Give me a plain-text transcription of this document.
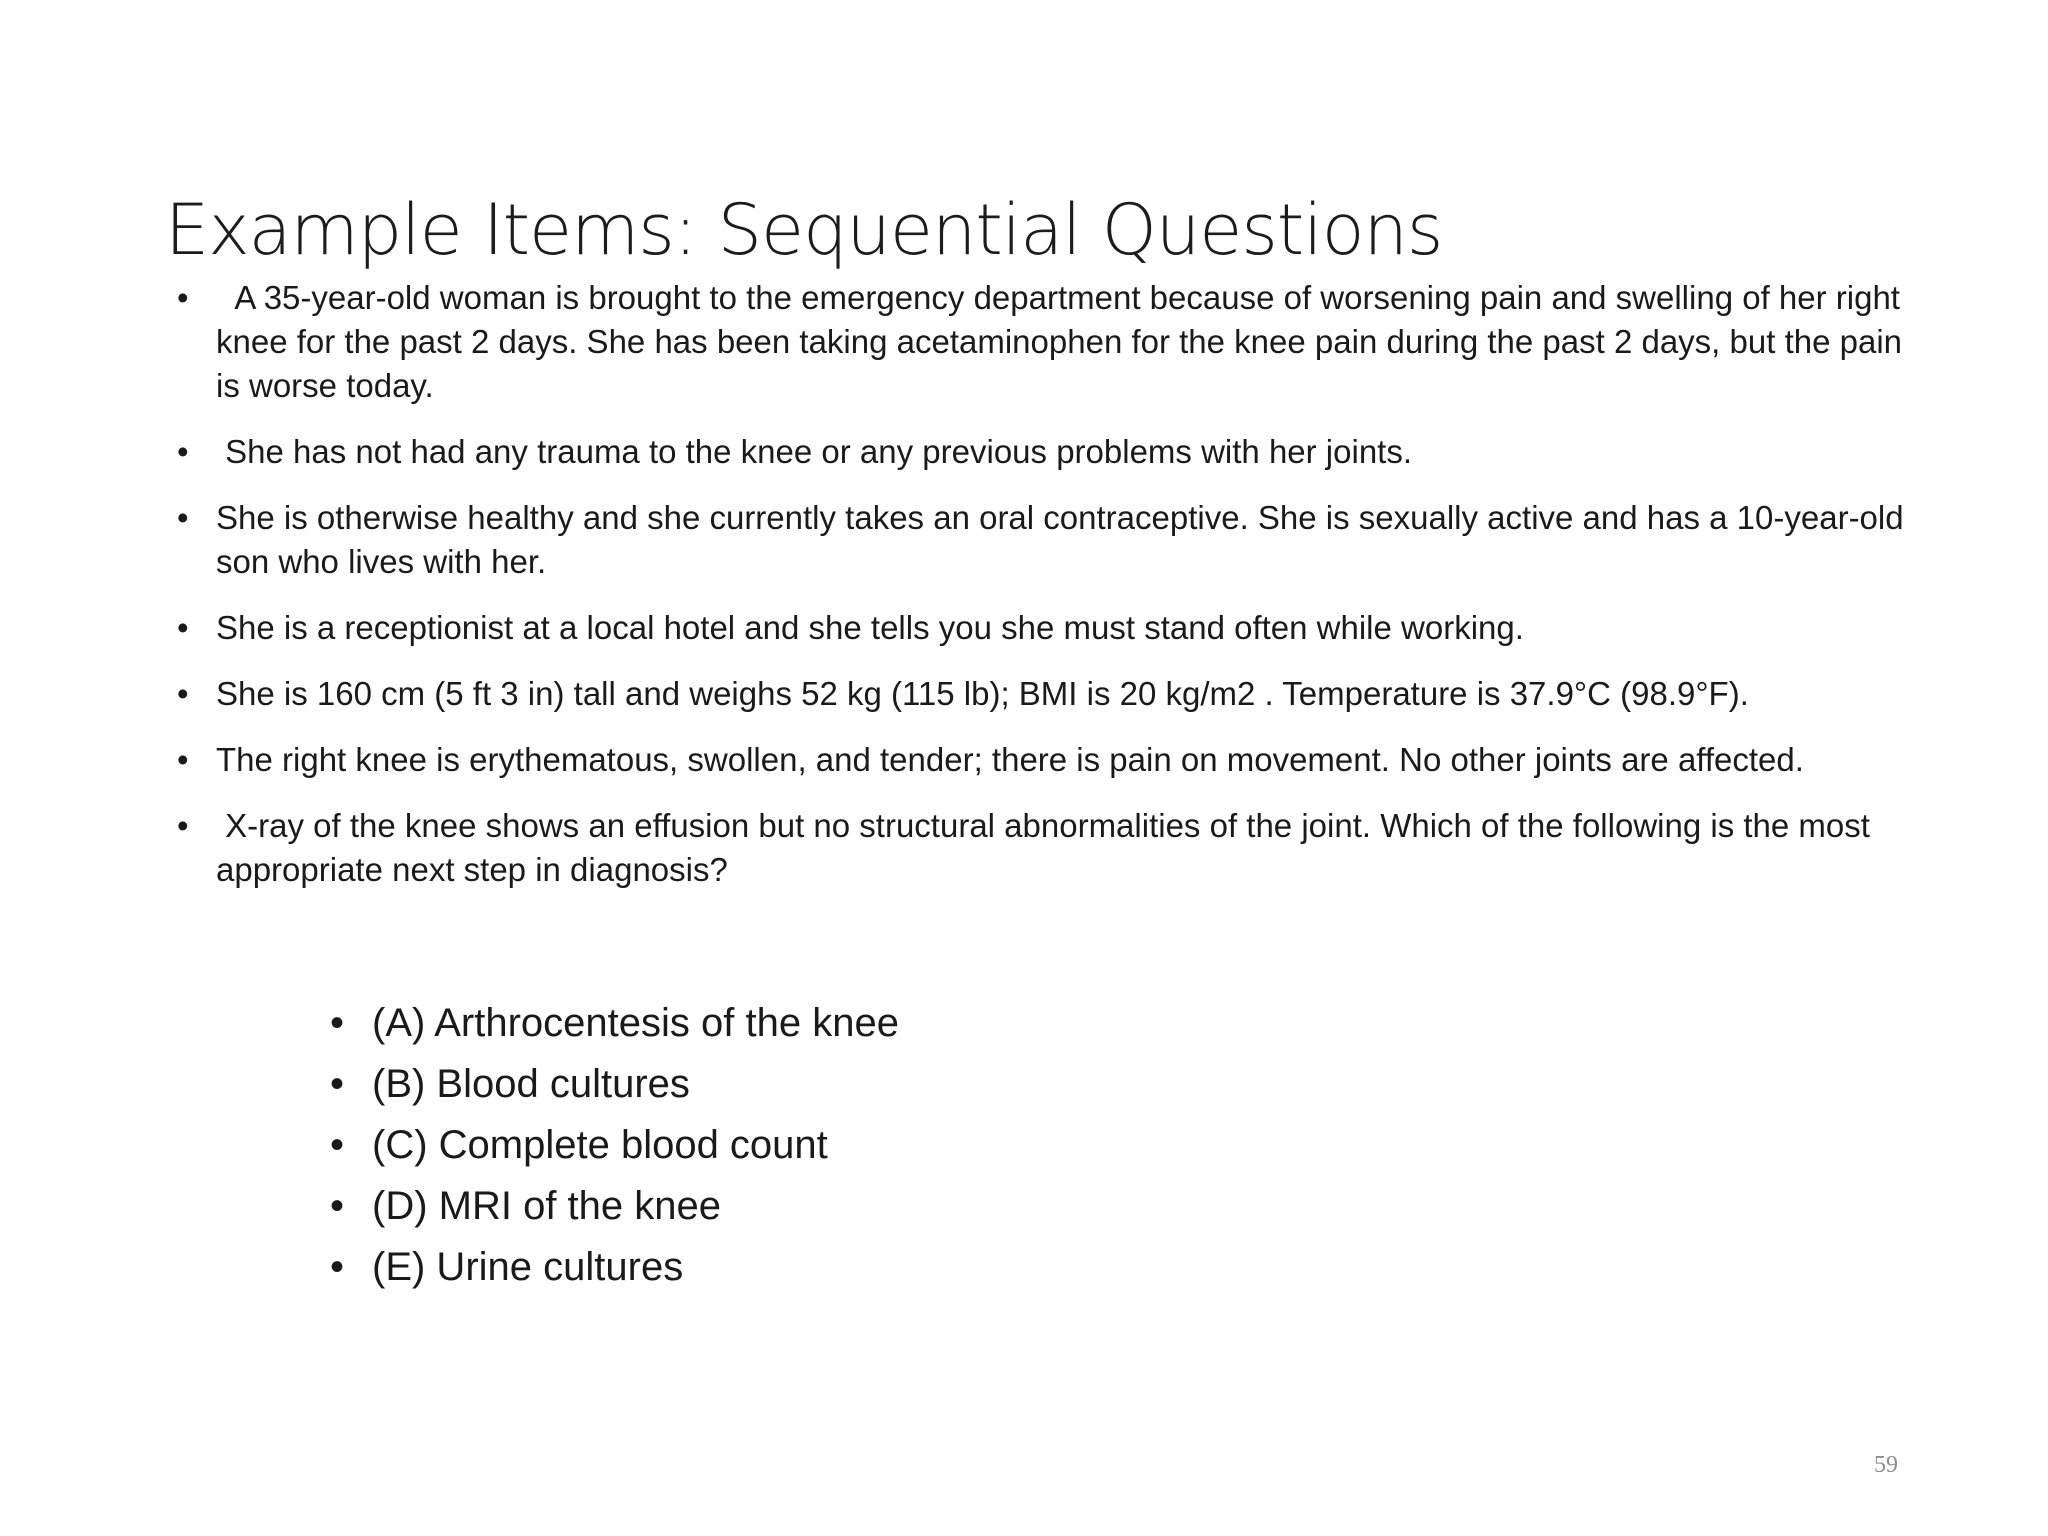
Example Items: Sequential Questions
•   A 35-year-old woman is brought to the emergency department because of worsening pain and swelling of her right knee for the past 2 days. She has been taking acetaminophen for the knee pain during the past 2 days, but the pain is worse today.
•  She has not had any trauma to the knee or any previous problems with her joints.
• She is otherwise healthy and she currently takes an oral contraceptive. She is sexually active and has a 10-year-old son who lives with her.
• She is a receptionist at a local hotel and she tells you she must stand often while working.
• She is 160 cm (5 ft 3 in) tall and weighs 52 kg (115 lb); BMI is 20 kg/m2 . Temperature is 37.9°C (98.9°F).
• The right knee is erythematous, swollen, and tender; there is pain on movement. No other joints are affected.
•  X-ray of the knee shows an effusion but no structural abnormalities of the joint. Which of the following is the most appropriate next step in diagnosis?
• (A) Arthrocentesis of the knee
• (B) Blood cultures
• (C) Complete blood count
• (D) MRI of the knee
• (E) Urine cultures
59
